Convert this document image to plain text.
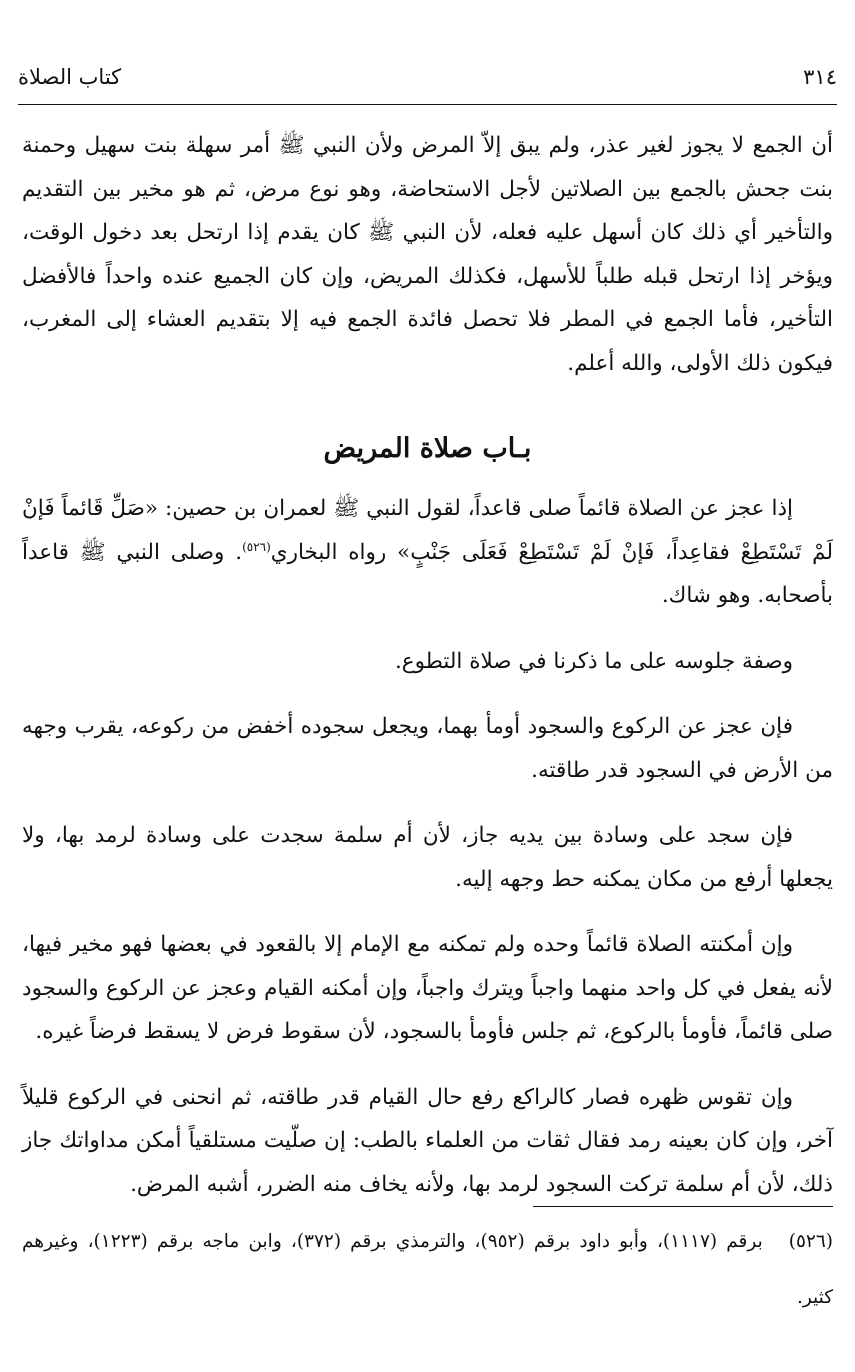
٣١٤
كتاب الصلاة

أن الجمع لا يجوز لغير عذر، ولم يبق إلاّ المرض ولأن النبي ﷺ أمر سهلة بنت سهيل وحمنة بنت جحش بالجمع بين الصلاتين لأجل الاستحاضة، وهو نوع مرض، ثم هو مخير بين التقديم والتأخير أي ذلك كان أسهل عليه فعله، لأن النبي ﷺ كان يقدم إذا ارتحل بعد دخول الوقت، ويؤخر إذا ارتحل قبله طلباً للأسهل، فكذلك المريض، وإن كان الجميع عنده واحداً فالأفضل التأخير، فأما الجمع في المطر فلا تحصل فائدة الجمع فيه إلا بتقديم العشاء إلى المغرب، فيكون ذلك الأولى، والله أعلم.

بـاب صلاة المريض

إذا عجز عن الصلاة قائماً صلى قاعداً، لقول النبي ﷺ لعمران بن حصين: «صَلِّ قَائماً فَإنْ لَمْ تَسْتَطِعْ فقاعِداً، فَإنْ لَمْ تَسْتَطِعْ فَعَلَى جَنْبٍ» رواه البخاري$^{(٥٢٦)}$. وصلى النبي ﷺ قاعداً بأصحابه. وهو شاك.

وصفة جلوسه على ما ذكرنا في صلاة التطوع.

فإن عجز عن الركوع والسجود أومأ بهما، ويجعل سجوده أخفض من ركوعه، يقرب وجهه من الأرض في السجود قدر طاقته.

فإن سجد على وسادة بين يديه جاز، لأن أم سلمة سجدت على وسادة لرمد بها، ولا يجعلها أرفع من مكان يمكنه حط وجهه إليه.

وإن أمكنته الصلاة قائماً وحده ولم تمكنه مع الإمام إلا بالقعود في بعضها فهو مخير فيها، لأنه يفعل في كل واحد منهما واجباً ويترك واجباً، وإن أمكنه القيام وعجز عن الركوع والسجود صلى قائماً، فأومأ بالركوع، ثم جلس فأومأ بالسجود، لأن سقوط فرض لا يسقط فرضاً غيره.

وإن تقوس ظهره فصار كالراكع رفع حال القيام قدر طاقته، ثم انحنى في الركوع قليلاً آخر، وإن كان بعينه رمد فقال ثقات من العلماء بالطب: إن صلّيت مستلقياً أمكن مداواتك جاز ذلك، لأن أم سلمة تركت السجود لرمد بها، ولأنه يخاف منه الضرر، أشبه المرض.

(٥٢٦)برقم (١١١٧)، وأبو داود برقم (٩٥٢)، والترمذي برقم (٣٧٢)، وابن ماجه برقم (١٢٢٣)، وغيرهم كثير.
